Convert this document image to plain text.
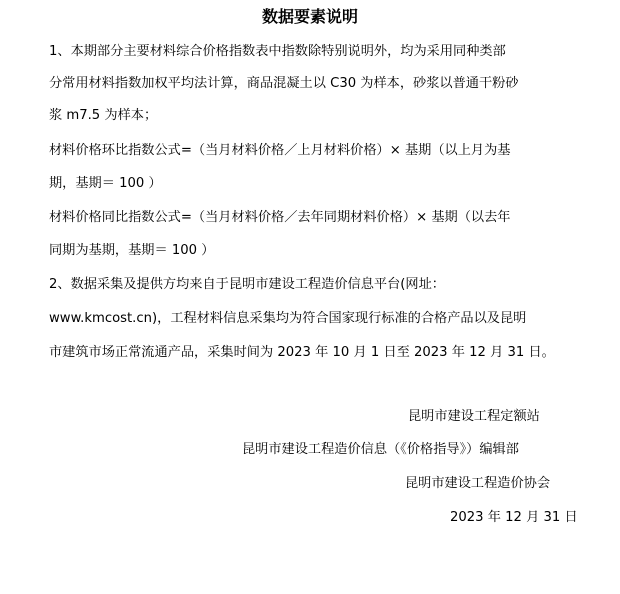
数据要素说明
1、本期部分主要材料综合价格指数表中指数除特别说明外，均为采用同种类部
分常用材料指数加权平均法计算，商品混凝土以 C30 为样本，砂浆以普通干粉砂
浆 m7.5 为样本；
材料价格环比指数公式=（当月材料价格／上月材料价格）× 基期（以上月为基
期，基期＝ 100 ）
材料价格同比指数公式=（当月材料价格／去年同期材料价格）× 基期（以去年
同期为基期，基期＝ 100 ）
2、数据采集及提供方均来自于昆明市建设工程造价信息平台(网址：
www.kmcost.cn)，工程材料信息采集均为符合国家现行标准的合格产品以及昆明
市建筑市场正常流通产品，采集时间为 2023 年 10 月 1 日至 2023 年 12 月 31 日。
昆明市建设工程定额站
昆明市建设工程造价信息（《价格指导》）编辑部
昆明市建设工程造价协会
2023 年 12 月 31 日
